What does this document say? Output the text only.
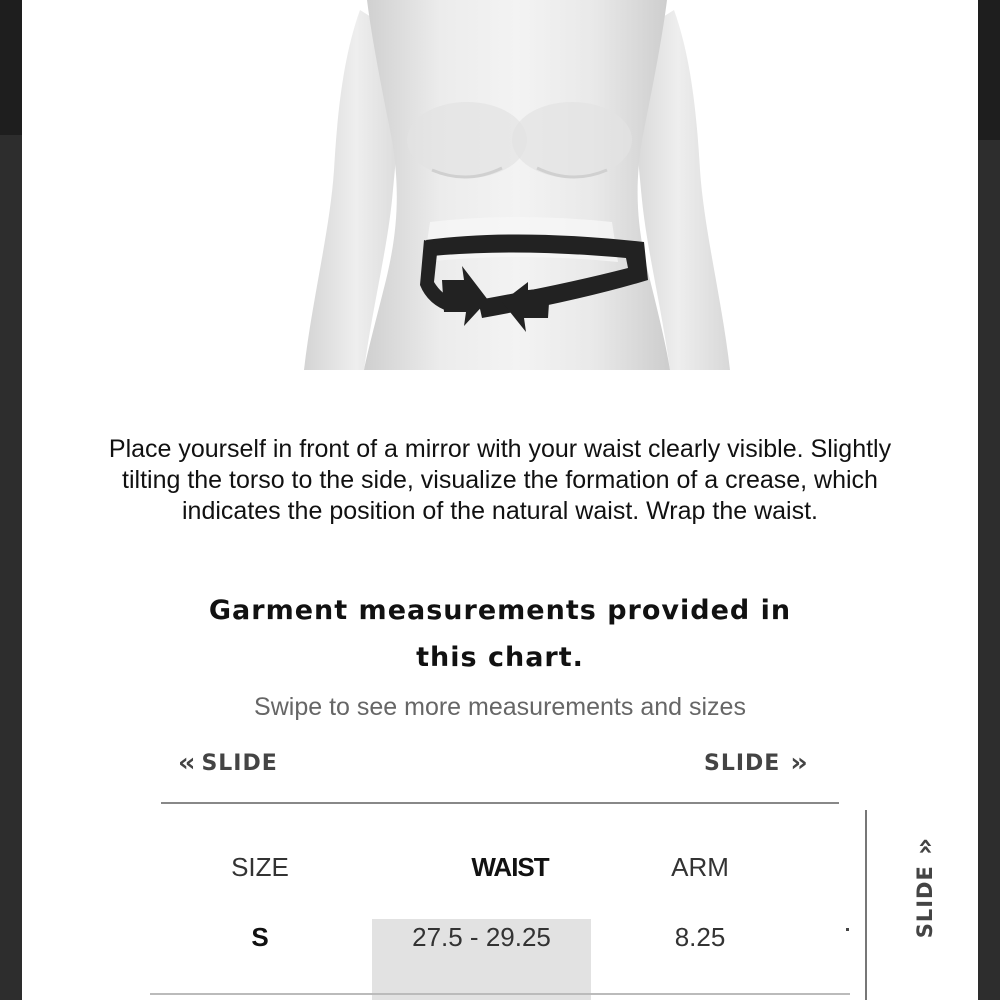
Place yourself in front of a mirror with your waist clearly visible. Slightly tilting the torso to the side, visualize the formation of a crease, which indicates the position of the natural waist. Wrap the waist.
Garment measurements provided in
this chart.
Swipe to see more measurements and sizes
‹‹ SLIDE	SLIDE ››
SIZE	WAIST	ARM
S	27.5 - 29.25	8.25	SLIDE
››
